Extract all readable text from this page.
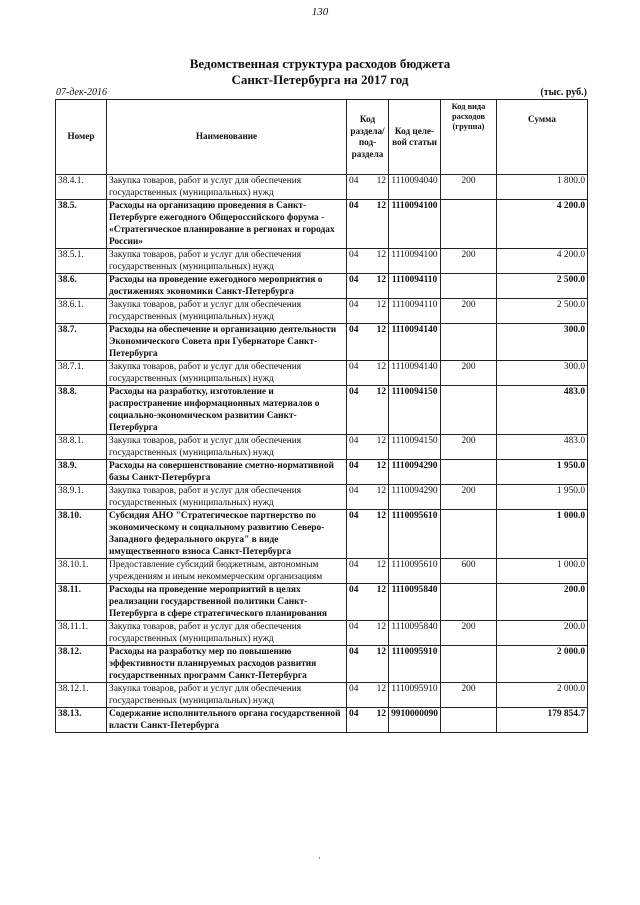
130
Ведомственная структура расходов бюджета
Санкт-Петербурга на 2017 год
07-дек-2016	(тыс. руб.)
Номер	Наименование	Код раздела/ под- раздела	Код целе- вой статьи	Код вида расходов (группа)	Сумма
38.4.1.	Закупка товаров, работ и услуг для обеспечения государственных (муниципальных) нужд	04 12	1110094040	200	1 800.0
38.5.	Расходы на организацию проведения в Санкт-Петербурге ежегодного Общероссийского форума - «Стратегическое планирование в регионах и городах России»	04 12	1110094100		4 200.0
38.5.1.	Закупка товаров, работ и услуг для обеспечения государственных (муниципальных) нужд	04 12	1110094100	200	4 200.0
38.6.	Расходы на проведение ежегодного мероприятия о достижениях экономики Санкт-Петербурга	04 12	1110094110		2 500.0
38.6.1.	Закупка товаров, работ и услуг для обеспечения государственных (муниципальных) нужд	04 12	1110094110	200	2 500.0
38.7.	Расходы на обеспечение и организацию деятельности Экономического Совета при Губернаторе Санкт-Петербурга	04 12	1110094140		300.0
38.7.1.	Закупка товаров, работ и услуг для обеспечения государственных (муниципальных) нужд	04 12	1110094140	200	300.0
38.8.	Расходы на разработку, изготовление и распространение информационных материалов о социально-экономическом развитии Санкт-Петербурга	04 12	1110094150		483.0
38.8.1.	Закупка товаров, работ и услуг для обеспечения государственных (муниципальных) нужд	04 12	1110094150	200	483.0
38.9.	Расходы на совершенствование сметно-нормативной базы Санкт-Петербурга	04 12	1110094290		1 950.0
38.9.1.	Закупка товаров, работ и услуг для обеспечения государственных (муниципальных) нужд	04 12	1110094290	200	1 950.0
38.10.	Субсидия АНО "Стратегическое партнерство по экономическому и социальному развитию Северо-Западного федерального округа" в виде имущественного взноса Санкт-Петербурга	04 12	1110095610		1 000.0
38.10.1.	Предоставление субсидий бюджетным, автономным учреждениям и иным некоммерческим организациям	04 12	1110095610	600	1 000.0
38.11.	Расходы на проведение мероприятий в целях реализации государственной политики Санкт-Петербурга в сфере стратегического планирования	04 12	1110095840		200.0
38.11.1.	Закупка товаров, работ и услуг для обеспечения государственных (муниципальных) нужд	04 12	1110095840	200	200.0
38.12.	Расходы на разработку мер по повышению эффективности планируемых расходов развития государственных программ Санкт-Петербурга	04 12	1110095910		2 000.0
38.12.1.	Закупка товаров, работ и услуг для обеспечения государственных (муниципальных) нужд	04 12	1110095910	200	2 000.0
38.13.	Содержание исполнительного органа государственной власти Санкт-Петербурга	04 12	9910000090		179 854.7
·
